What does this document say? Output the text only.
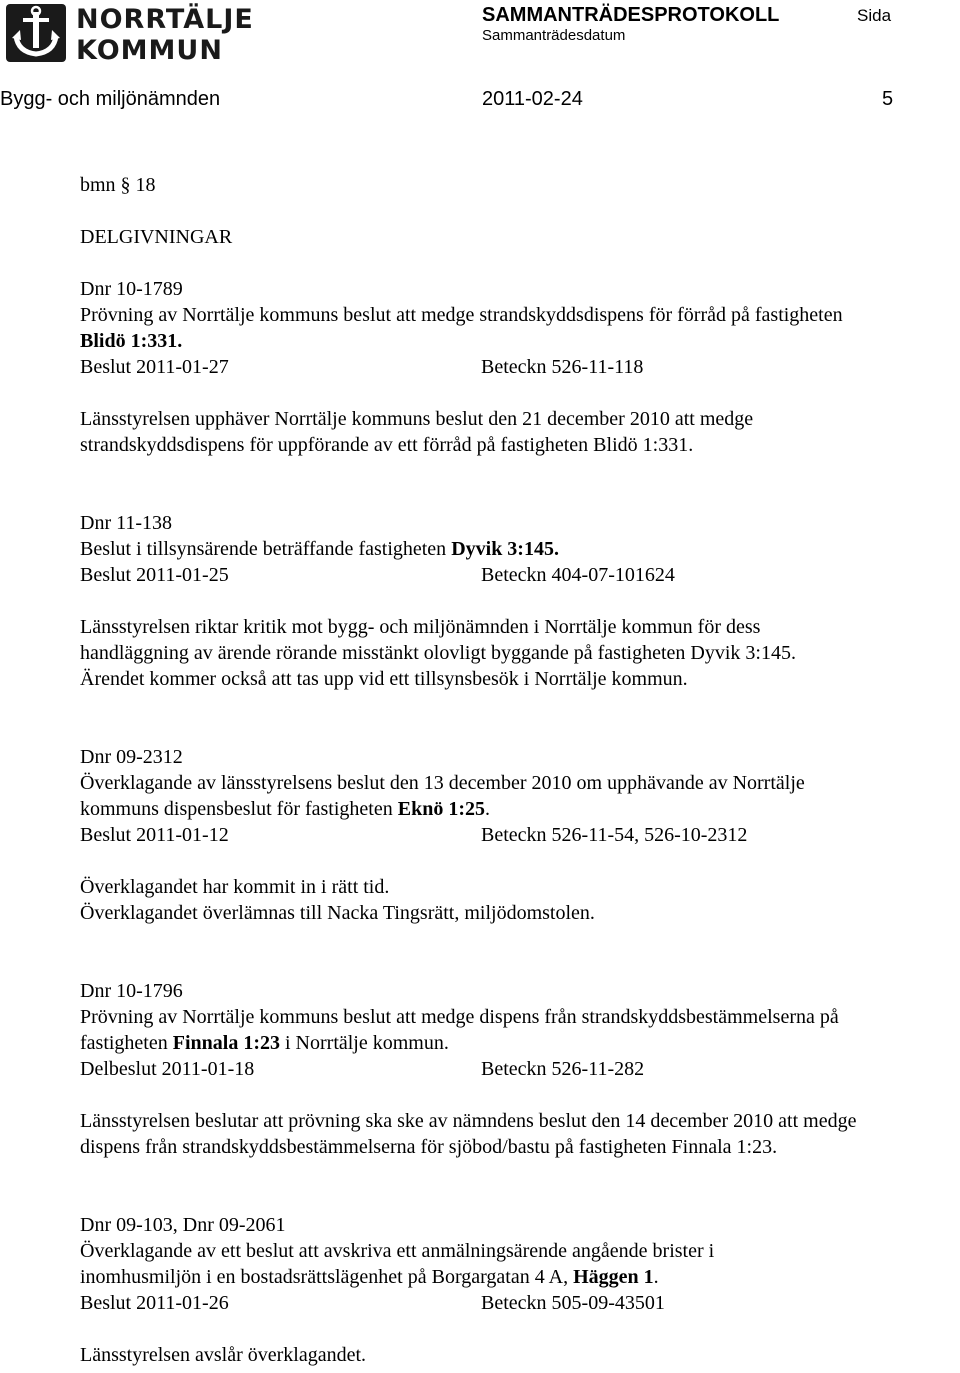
NORRTÄLJE
KOMMUN
SAMMANTRÄDESPROTOKOLL	Sida
Sammanträdesdatum
Bygg- och miljönämnden	2011-02-24	5

bmn § 18

DELGIVNINGAR

Dnr 10-1789

Prövning av Norrtälje kommuns beslut att medge strandskyddsdispens för förråd på fastigheten

Blidö 1:331.

Beslut 2011-01-27	Beteckn 526-11-118

Länsstyrelsen upphäver Norrtälje kommuns beslut den 21 december 2010 att medge

strandskyddsdispens för uppförande av ett förråd på fastigheten Blidö 1:331.

Dnr 11-138

Beslut i tillsynsärende beträffande fastigheten Dyvik 3:145.

Beslut 2011-01-25	Beteckn 404-07-101624

Länsstyrelsen riktar kritik mot bygg- och miljönämnden i Norrtälje kommun för dess

handläggning av ärende rörande misstänkt olovligt byggande på fastigheten Dyvik 3:145.

Ärendet kommer också att tas upp vid ett tillsynsbesök i Norrtälje kommun.

Dnr 09-2312

Överklagande av länsstyrelsens beslut den 13 december 2010 om upphävande av Norrtälje

kommuns dispensbeslut för fastigheten Eknö 1:25.

Beslut 2011-01-12	Beteckn 526-11-54, 526-10-2312

Överklagandet har kommit in i rätt tid.

Överklagandet överlämnas till Nacka Tingsrätt, miljödomstolen.

Dnr 10-1796

Prövning av Norrtälje kommuns beslut att medge dispens från strandskyddsbestämmelserna på

fastigheten Finnala 1:23 i Norrtälje kommun.

Delbeslut 2011-01-18	Beteckn 526-11-282

Länsstyrelsen beslutar att prövning ska ske av nämndens beslut den 14 december 2010 att medge

dispens från strandskyddsbestämmelserna för sjöbod/bastu på fastigheten Finnala 1:23.

Dnr 09-103, Dnr 09-2061

Överklagande av ett beslut att avskriva ett anmälningsärende angående brister i

inomhusmiljön i en bostadsrättslägenhet på Borgargatan 4 A, Häggen 1.

Beslut 2011-01-26	Beteckn 505-09-43501

Länsstyrelsen avslår överklagandet.
